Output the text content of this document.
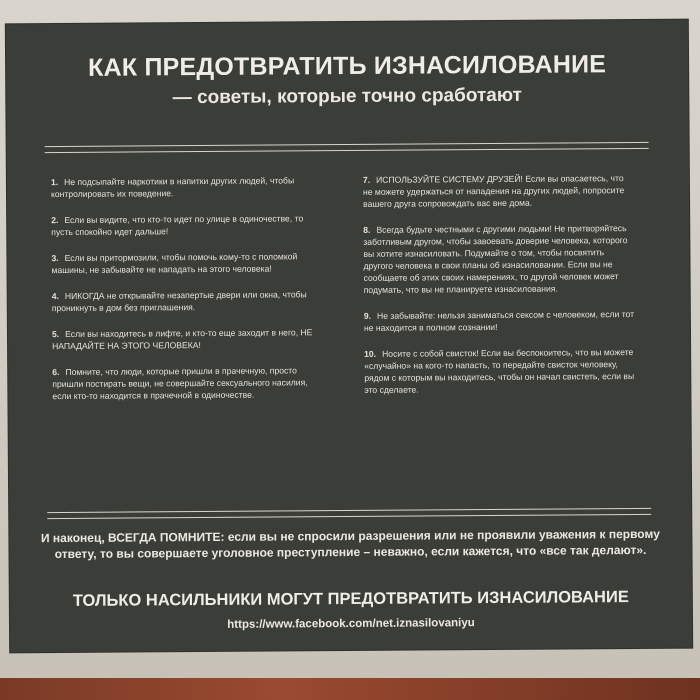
КАК ПРЕДОТВРАТИТЬ ИЗНАСИЛОВАНИЕ
— советы, которые точно сработают
1. Не подсыпайте наркотики в напитки других людей, чтобы контролировать их поведение.
2. Если вы видите, что кто-то идет по улице в одиночестве, то пусть спокойно идет дальше!
3. Если вы притормозили, чтобы помочь кому-то с поломкой машины, не забывайте не нападать на этого человека!
4. НИКОГДА не открывайте незапертые двери или окна, чтобы проникнуть в дом без приглашения.
5. Если вы находитесь в лифте, и кто-то еще заходит в него, НЕ НАПАДАЙТЕ НА ЭТОГО ЧЕЛОВЕКА!
6. Помните, что люди, которые пришли в прачечную, просто пришли постирать вещи, не совершайте сексуального насилия, если кто-то находится в прачечной в одиночестве.
7. ИСПОЛЬЗУЙТЕ СИСТЕМУ ДРУЗЕЙ! Если вы опасаетесь, что не можете удержаться от нападения на других людей, попросите вашего друга сопровождать вас вне дома.
8. Всегда будьте честными с другими людьми! Не притворяйтесь заботливым другом, чтобы завоевать доверие человека, которого вы хотите изнасиловать. Подумайте о том, чтобы посвятить другого человека в свои планы об изнасиловании. Если вы не сообщаете об этих своих намерениях, то другой человек может подумать, что вы не планируете изнасилования.
9. Не забывайте: нельзя заниматься сексом с человеком, если тот не находится в полном сознании!
10. Носите с собой свисток! Если вы беспокоитесь, что вы можете «случайно» на кого-то напасть, то передайте свисток человеку, рядом с которым вы находитесь, чтобы он начал свистеть, если вы это сделаете.
И наконец, ВСЕГДА ПОМНИТЕ: если вы не спросили разрешения или не проявили уважения к первому ответу, то вы совершаете уголовное преступление – неважно, если кажется, что «все так делают».
ТОЛЬКО НАСИЛЬНИКИ МОГУТ ПРЕДОТВРАТИТЬ ИЗНАСИЛОВАНИЕ
https://www.facebook.com/net.iznasilovaniyu
